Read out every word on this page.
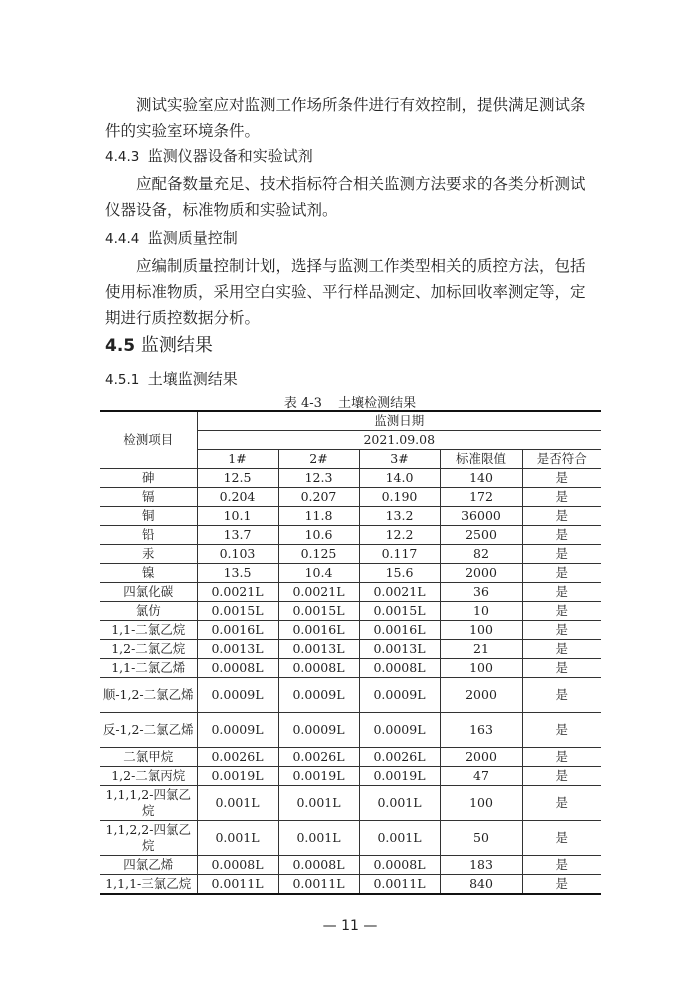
测试实验室应对监测工作场所条件进行有效控制，提供满足测试条件的实验室环境条件。
4.4.3 监测仪器设备和实验试剂
应配备数量充足、技术指标符合相关监测方法要求的各类分析测试仪器设备，标准物质和实验试剂。
4.4.4 监测质量控制
应编制质量控制计划，选择与监测工作类型相关的质控方法，包括使用标准物质，采用空白实验、平行样品测定、加标回收率测定等，定期进行质控数据分析。
4.5 监测结果
4.5.1 土壤监测结果
表 4-3 土壤检测结果
检测项目	监测日期				
	2021.09.08				
	1#	2#	3#	标准限值	是否符合
砷	12.5	12.3	14.0	140	是
镉	0.204	0.207	0.190	172	是
铜	10.1	11.8	13.2	36000	是
铅	13.7	10.6	12.2	2500	是
汞	0.103	0.125	0.117	82	是
镍	13.5	10.4	15.6	2000	是
四氯化碳	0.0021L	0.0021L	0.0021L	36	是
氯仿	0.0015L	0.0015L	0.0015L	10	是
1,1-二氯乙烷	0.0016L	0.0016L	0.0016L	100	是
1,2-二氯乙烷	0.0013L	0.0013L	0.0013L	21	是
1,1-二氯乙烯	0.0008L	0.0008L	0.0008L	100	是
顺-1,2-二氯乙烯	0.0009L	0.0009L	0.0009L	2000	是
反-1,2-二氯乙烯	0.0009L	0.0009L	0.0009L	163	是
二氯甲烷	0.0026L	0.0026L	0.0026L	2000	是
1,2-二氯丙烷	0.0019L	0.0019L	0.0019L	47	是
1,1,1,2-四氯乙烷	0.001L	0.001L	0.001L	100	是
1,1,2,2-四氯乙烷	0.001L	0.001L	0.001L	50	是
四氯乙烯	0.0008L	0.0008L	0.0008L	183	是
1,1,1-三氯乙烷	0.0011L	0.0011L	0.0011L	840	是
— 11 —
